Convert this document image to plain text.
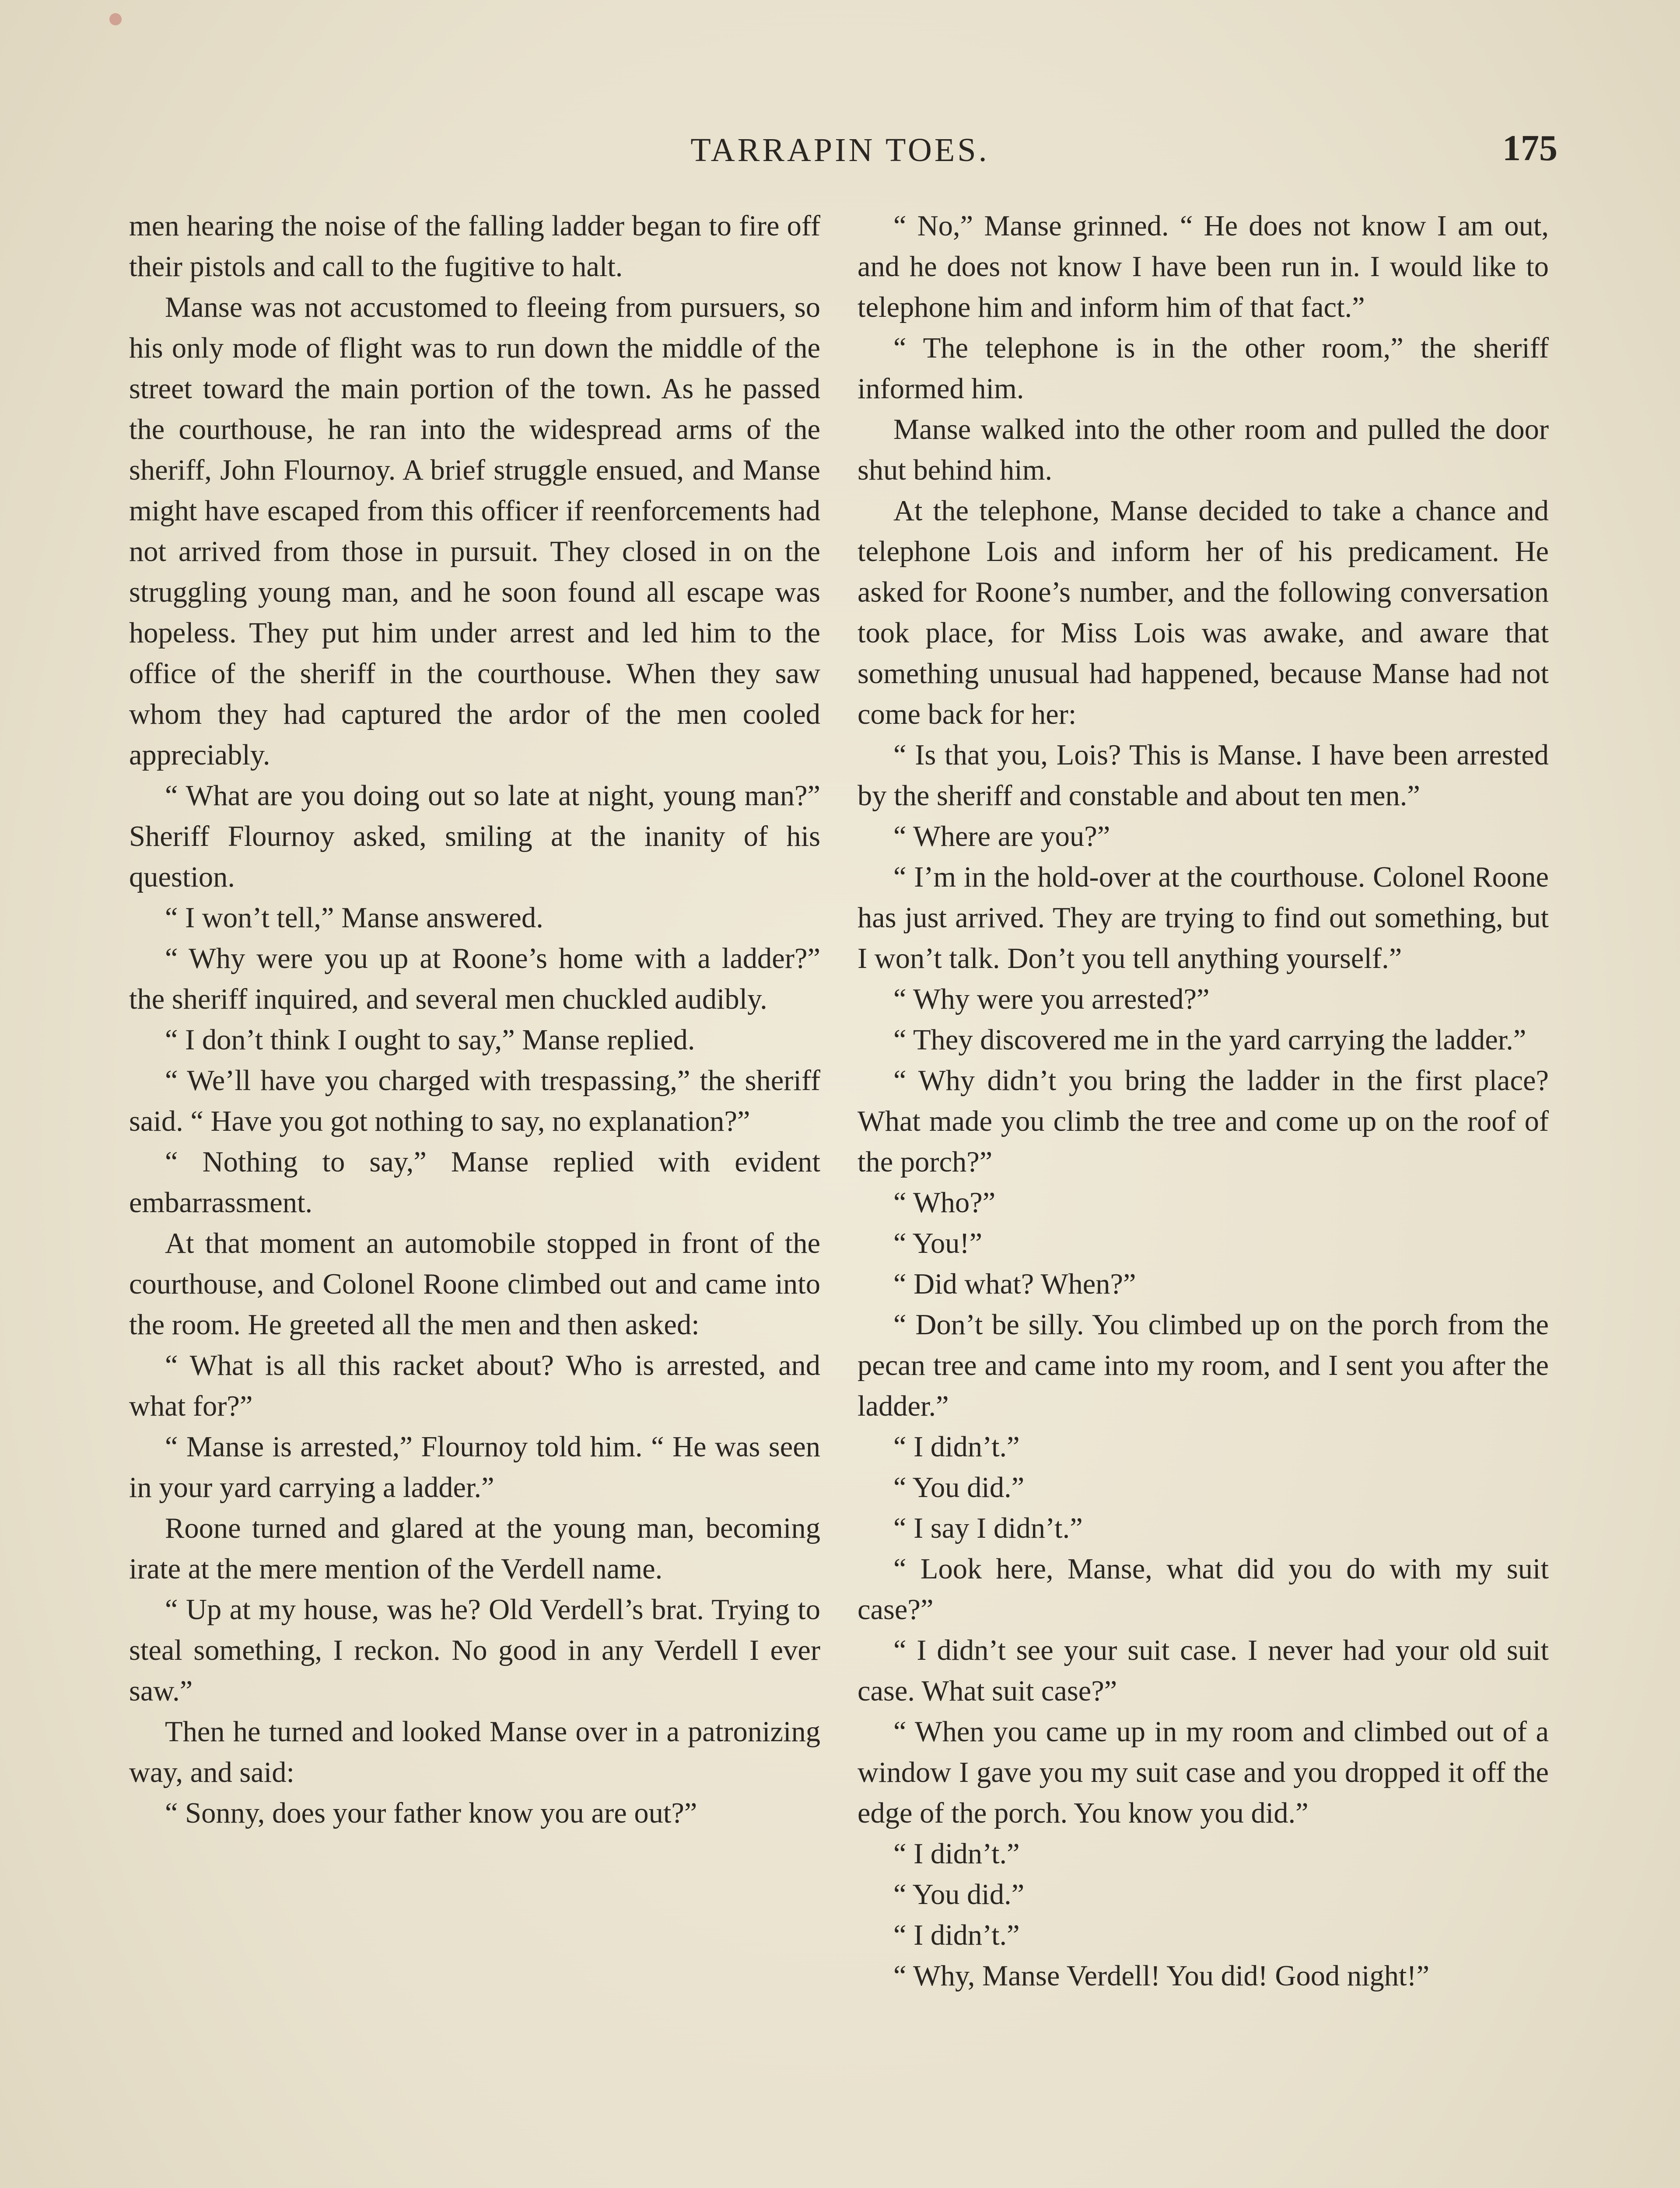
TARRAPIN TOES.	175

men hearing the noise of the falling ladder began to fire off their pistols and call to the fugitive to halt.

Manse was not accustomed to fleeing from pursuers, so his only mode of flight was to run down the middle of the street toward the main portion of the town. As he passed the courthouse, he ran into the widespread arms of the sheriff, John Flournoy. A brief struggle ensued, and Manse might have escaped from this officer if reenforcements had not arrived from those in pursuit. They closed in on the struggling young man, and he soon found all escape was hopeless. They put him under arrest and led him to the office of the sheriff in the courthouse. When they saw whom they had captured the ardor of the men cooled appreciably.

“ What are you doing out so late at night, young man?” Sheriff Flournoy asked, smiling at the inanity of his question.

“ I won’t tell,” Manse answered.

“ Why were you up at Roone’s home with a ladder?” the sheriff inquired, and several men chuckled audibly.

“ I don’t think I ought to say,” Manse replied.

“ We’ll have you charged with trespassing,” the sheriff said. “ Have you got nothing to say, no explanation?”

“ Nothing to say,” Manse replied with evident embarrassment.

At that moment an automobile stopped in front of the courthouse, and Colonel Roone climbed out and came into the room. He greeted all the men and then asked:

“ What is all this racket about? Who is arrested, and what for?”

“ Manse is arrested,” Flournoy told him. “ He was seen in your yard carrying a ladder.”

Roone turned and glared at the young man, becoming irate at the mere mention of the Verdell name.

“ Up at my house, was he? Old Verdell’s brat. Trying to steal something, I reckon. No good in any Verdell I ever saw.”

Then he turned and looked Manse over in a patronizing way, and said:

“ Sonny, does your father know you are out?”

“ No,” Manse grinned. “ He does not know I am out, and he does not know I have been run in. I would like to telephone him and inform him of that fact.”

“ The telephone is in the other room,” the sheriff informed him.

Manse walked into the other room and pulled the door shut behind him.

At the telephone, Manse decided to take a chance and telephone Lois and inform her of his predicament. He asked for Roone’s number, and the following conversation took place, for Miss Lois was awake, and aware that something unusual had happened, because Manse had not come back for her:

“ Is that you, Lois? This is Manse. I have been arrested by the sheriff and constable and about ten men.”

“ Where are you?”

“ I’m in the hold-over at the courthouse. Colonel Roone has just arrived. They are trying to find out something, but I won’t talk. Don’t you tell anything yourself.”

“ Why were you arrested?”

“ They discovered me in the yard carrying the ladder.”

“ Why didn’t you bring the ladder in the first place? What made you climb the tree and come up on the roof of the porch?”

“ Who?”

“ You!”

“ Did what? When?”

“ Don’t be silly. You climbed up on the porch from the pecan tree and came into my room, and I sent you after the ladder.”

“ I didn’t.”

“ You did.”

“ I say I didn’t.”

“ Look here, Manse, what did you do with my suit case?”

“ I didn’t see your suit case. I never had your old suit case. What suit case?”

“ When you came up in my room and climbed out of a window I gave you my suit case and you dropped it off the edge of the porch. You know you did.”

“ I didn’t.”

“ You did.”

“ I didn’t.”

“ Why, Manse Verdell! You did! Good night!”
